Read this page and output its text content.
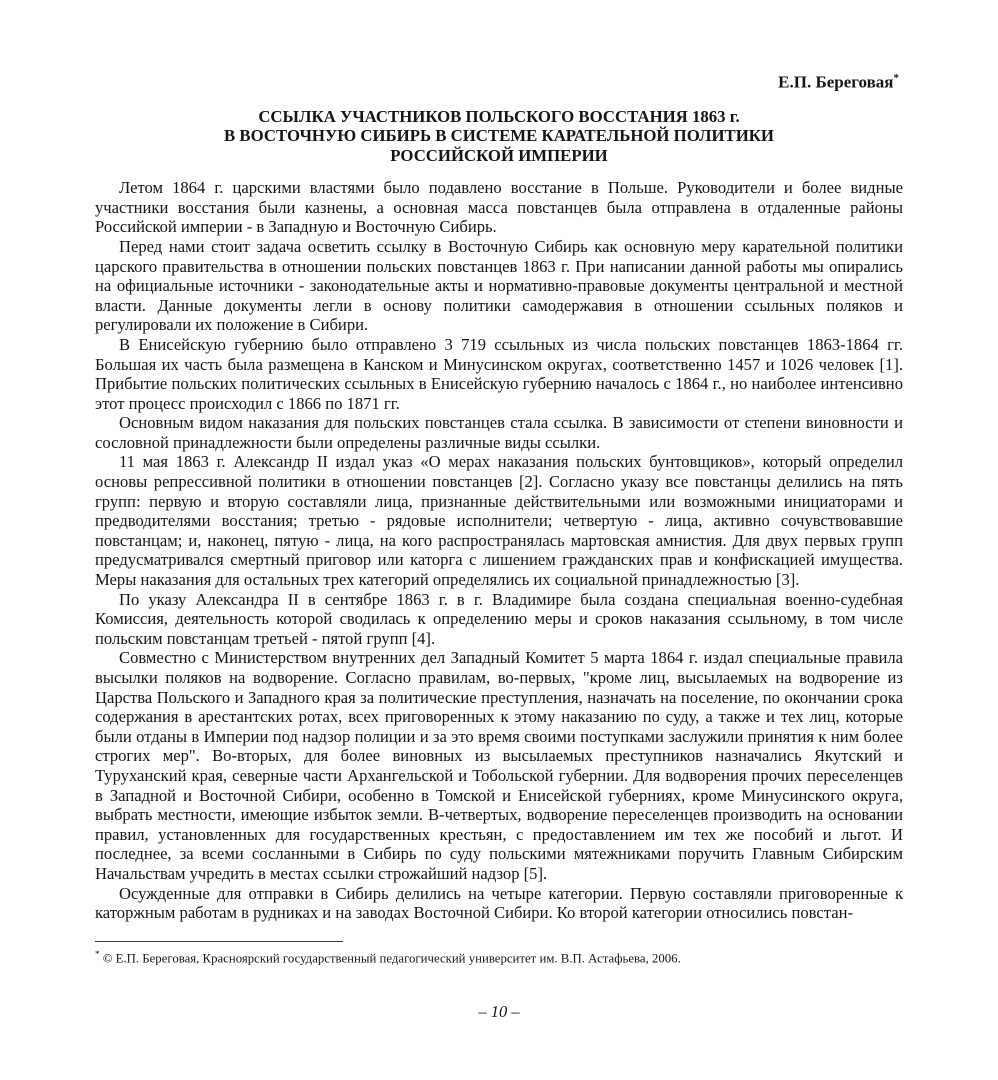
Е.П. Береговая*
ССЫЛКА УЧАСТНИКОВ ПОЛЬСКОГО ВОССТАНИЯ 1863 г.
В ВОСТОЧНУЮ СИБИРЬ В СИСТЕМЕ КАРАТЕЛЬНОЙ ПОЛИТИКИ
РОССИЙСКОЙ ИМПЕРИИ

Летом 1864 г. царскими властями было подавлено восстание в Польше. Руководители и более видные участники восстания были казнены, а основная масса повстанцев была отправлена в отдаленные районы Российской империи - в Западную и Восточную Сибирь.

Перед нами стоит задача осветить ссылку в Восточную Сибирь как основную меру карательной политики царского правительства в отношении польских повстанцев 1863 г. При написании данной работы мы опирались на официальные источники - законодательные акты и нормативно-правовые документы центральной и местной власти. Данные документы легли в основу политики самодержавия в отношении ссыльных поляков и регулировали их положение в Сибири.

В Енисейскую губернию было отправлено 3 719 ссыльных из числа польских повстанцев 1863-1864 гг. Большая их часть была размещена в Канском и Минусинском округах, соответственно 1457 и 1026 человек [1]. Прибытие польских политических ссыльных в Енисейскую губернию началось с 1864 г., но наиболее интенсивно этот процесс происходил с 1866 по 1871 гг.

Основным видом наказания для польских повстанцев стала ссылка. В зависимости от степени виновности и сословной принадлежности были определены различные виды ссылки.

11 мая 1863 г. Александр II издал указ «О мерах наказания польских бунтовщиков», который определил основы репрессивной политики в отношении повстанцев [2]. Согласно указу все повстанцы делились на пять групп: первую и вторую составляли лица, признанные действительными или возможными инициаторами и предводителями восстания; третью - рядовые исполнители; четвертую - лица, активно сочувствовавшие повстанцам; и, наконец, пятую - лица, на кого распространялась мартовская амнистия. Для двух первых групп предусматривался смертный приговор или каторга с лишением гражданских прав и конфискацией имущества. Меры наказания для остальных трех категорий определялись их социальной принадлежностью [3].

По указу Александра II в сентябре 1863 г. в г. Владимире была создана специальная военно-судебная Комиссия, деятельность которой сводилась к определению меры и сроков наказания ссыльному, в том числе польским повстанцам третьей - пятой групп [4].

Совместно с Министерством внутренних дел Западный Комитет 5 марта 1864 г. издал специальные правила высылки поляков на водворение. Согласно правилам, во-первых, "кроме лиц, высылаемых на водворение из Царства Польского и Западного края за политические преступления, назначать на поселение, по окончании срока содержания в арестантских ротах, всех приговоренных к этому наказанию по суду, а также и тех лиц, которые были отданы в Империи под надзор полиции и за это время своими поступками заслужили принятия к ним более строгих мер". Во-вторых, для более виновных из высылаемых преступников назначались Якутский и Туруханский края, северные части Архангельской и Тобольской губернии. Для водворения прочих переселенцев в Западной и Восточной Сибири, особенно в Томской и Енисейской губерниях, кроме Минусинского округа, выбрать местности, имеющие избыток земли. В-четвертых, водворение переселенцев производить на основании правил, установленных для государственных крестьян, с предоставлением им тех же пособий и льгот. И последнее, за всеми сосланными в Сибирь по суду польскими мятежниками поручить Главным Сибирским Начальствам учредить в местах ссылки строжайший надзор [5].

Осужденные для отправки в Сибирь делились на четыре категории. Первую составляли приговоренные к каторжным работам в рудниках и на заводах Восточной Сибири. Ко второй категории относились повстан-

* © Е.П. Береговая, Красноярский государственный педагогический университет им. В.П. Астафьева, 2006.
– 10 –
